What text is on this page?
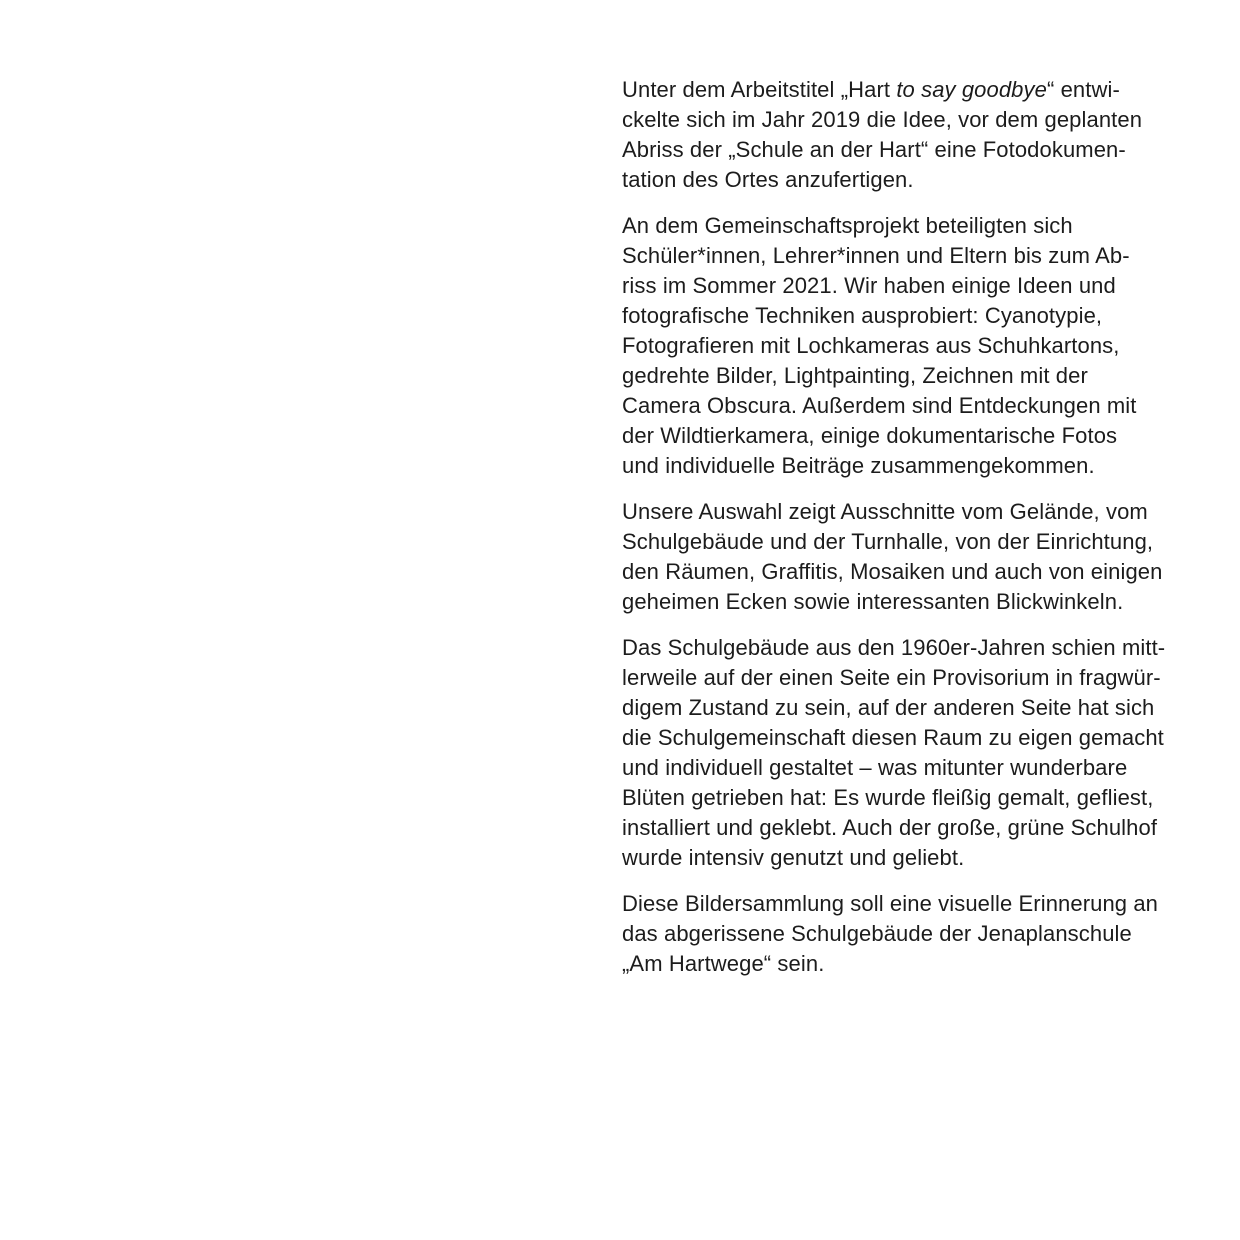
Unter dem Arbeitstitel „Hart to say goodbye“ entwi-
ckelte sich im Jahr 2019 die Idee, vor dem geplanten
Abriss der „Schule an der Hart“ eine Fotodokumen-
tation des Ortes anzufertigen.

An dem Gemeinschaftsprojekt beteiligten sich
Schüler*innen, Lehrer*innen und Eltern bis zum Ab-
riss im Sommer 2021. Wir haben einige Ideen und
fotografische Techniken ausprobiert: Cyanotypie,
Fotografieren mit Lochkameras aus Schuhkartons,
gedrehte Bilder, Lightpainting, Zeichnen mit der
Camera Obscura. Außerdem sind Entdeckungen mit
der Wildtierkamera, einige dokumentarische Fotos
und individuelle Beiträge zusammengekommen.

Unsere Auswahl zeigt Ausschnitte vom Gelände, vom
Schulgebäude und der Turnhalle, von der Einrichtung,
den Räumen, Graffitis, Mosaiken und auch von einigen
geheimen Ecken sowie interessanten Blickwinkeln.

Das Schulgebäude aus den 1960er-Jahren schien mitt-
lerweile auf der einen Seite ein Provisorium in fragwür-
digem Zustand zu sein, auf der anderen Seite hat sich
die Schulgemeinschaft diesen Raum zu eigen gemacht
und individuell gestaltet – was mitunter wunderbare
Blüten getrieben hat: Es wurde fleißig gemalt, gefliest,
installiert und geklebt. Auch der große, grüne Schulhof
wurde intensiv genutzt und geliebt.

Diese Bildersammlung soll eine visuelle Erinnerung an
das abgerissene Schulgebäude der Jenaplanschule
„Am Hartwege“ sein.
